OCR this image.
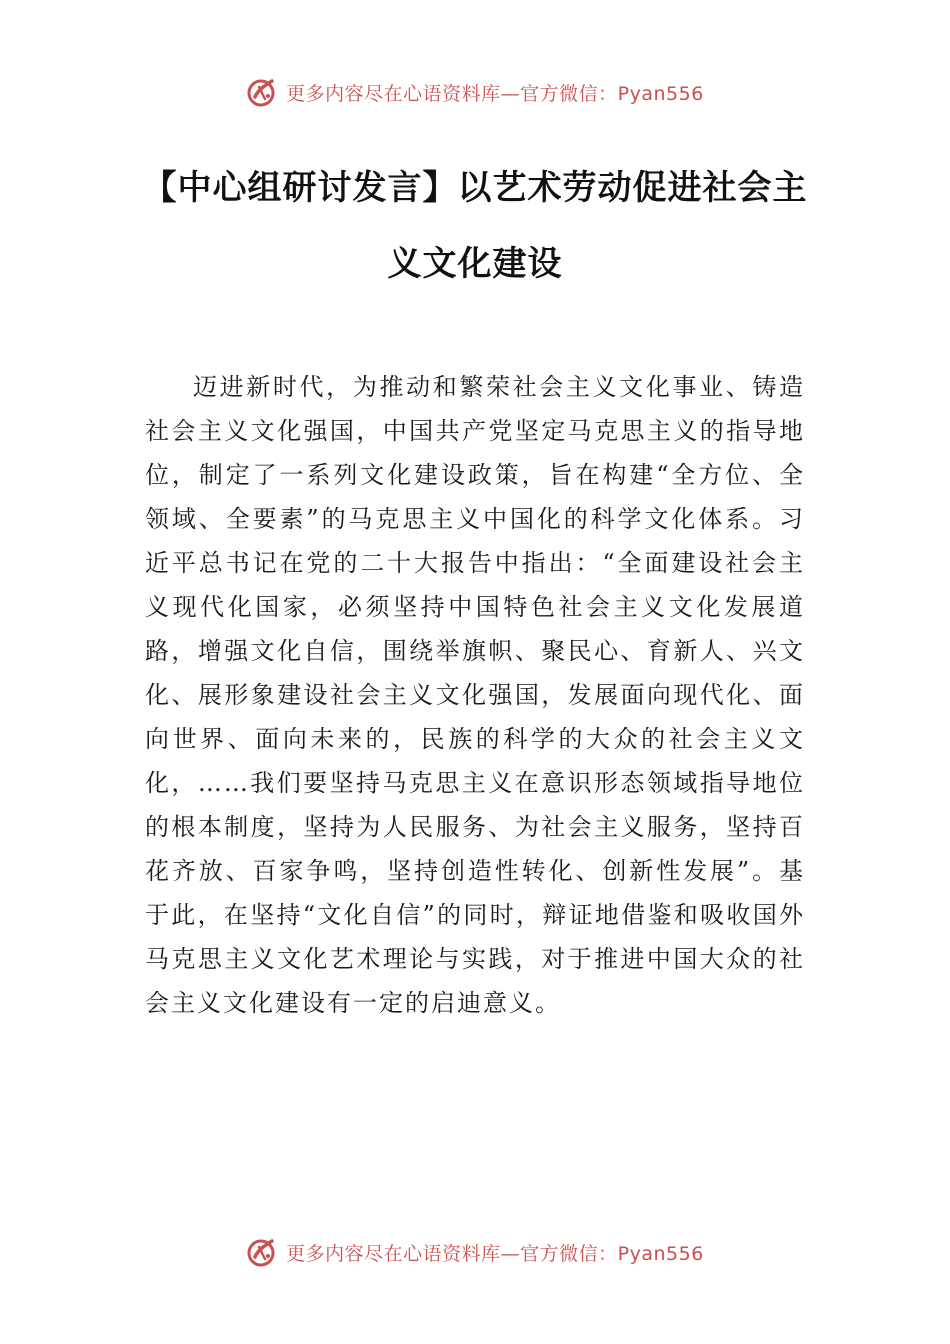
更多内容尽在心语资料库—官方微信：Pyan556
【中心组研讨发言】以艺术劳动促进社会主义文化建设

迈进新时代，为推动和繁荣社会主义文化事业、铸造社会主义文化强国，中国共产党坚定马克思主义的指导地位，制定了一系列文化建设政策，旨在构建“全方位、全领域、全要素”的马克思主义中国化的科学文化体系。习近平总书记在党的二十大报告中指出：“全面建设社会主义现代化国家，必须坚持中国特色社会主义文化发展道路，增强文化自信，围绕举旗帜、聚民心、育新人、兴文化、展形象建设社会主义文化强国，发展面向现代化、面向世界、面向未来的，民族的科学的大众的社会主义文化，……我们要坚持马克思主义在意识形态领域指导地位的根本制度，坚持为人民服务、为社会主义服务，坚持百花齐放、百家争鸣，坚持创造性转化、创新性发展”。基于此，在坚持“文化自信”的同时，辩证地借鉴和吸收国外马克思主义文化艺术理论与实践，对于推进中国大众的社会主义文化建设有一定的启迪意义。

更多内容尽在心语资料库—官方微信：Pyan556
